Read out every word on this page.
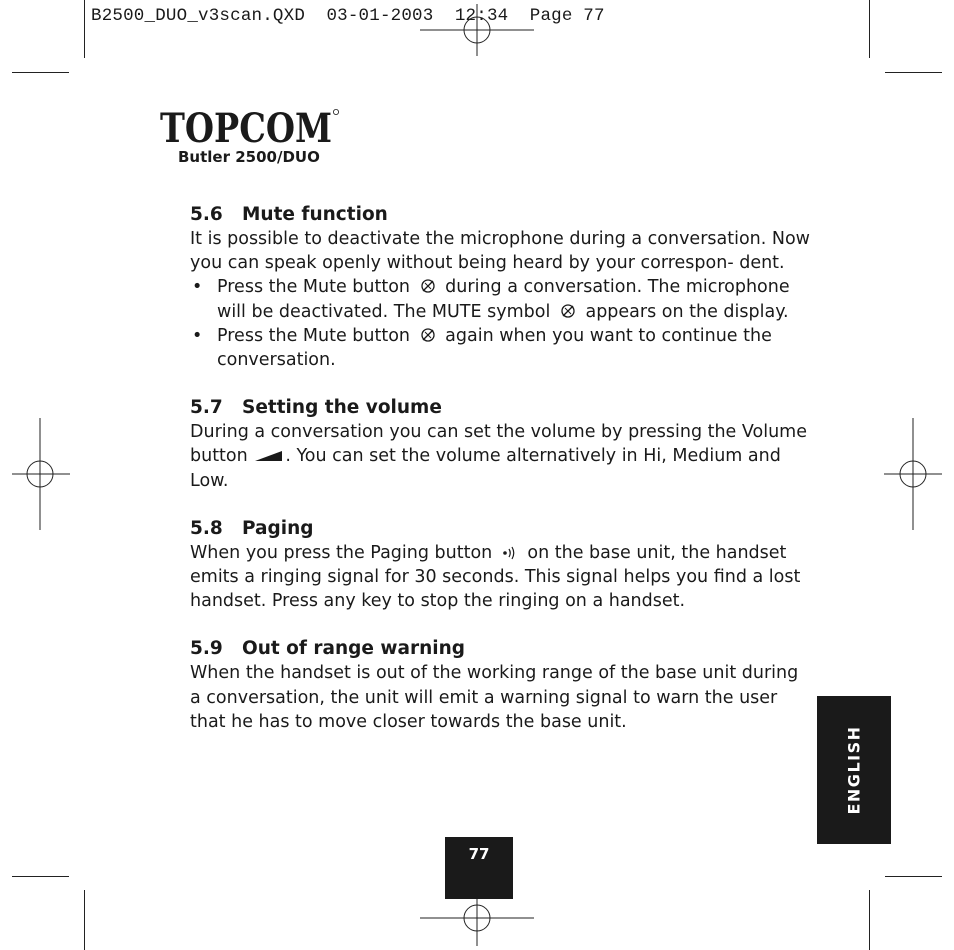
B2500_DUO_v3scan.QXD  03-01-2003  12:34  Page 77
TOPCOM
Butler 2500/DUO
5.6 Mute function

It is possible to deactivate the microphone during a conversation. Now you can speak openly without being heard by your correspon- dent.

• Press the Mute button during a conversation. The microphone will be deactivated. The MUTE symbol appears on the display.
• Press the Mute button again when you want to continue the conversation.
5.7 Setting the volume

During a conversation you can set the volume by pressing the Volume button . You can set the volume alternatively in Hi, Medium and Low.

5.8 Paging

When you press the Paging button on the base unit, the handset emits a ringing signal for 30 seconds. This signal helps you find a lost handset. Press any key to stop the ringing on a handset.

5.9 Out of range warning

When the handset is out of the working range of the base unit during a conversation, the unit will emit a warning signal to warn the user that he has to move closer towards the base unit.

ENGLISH
77
